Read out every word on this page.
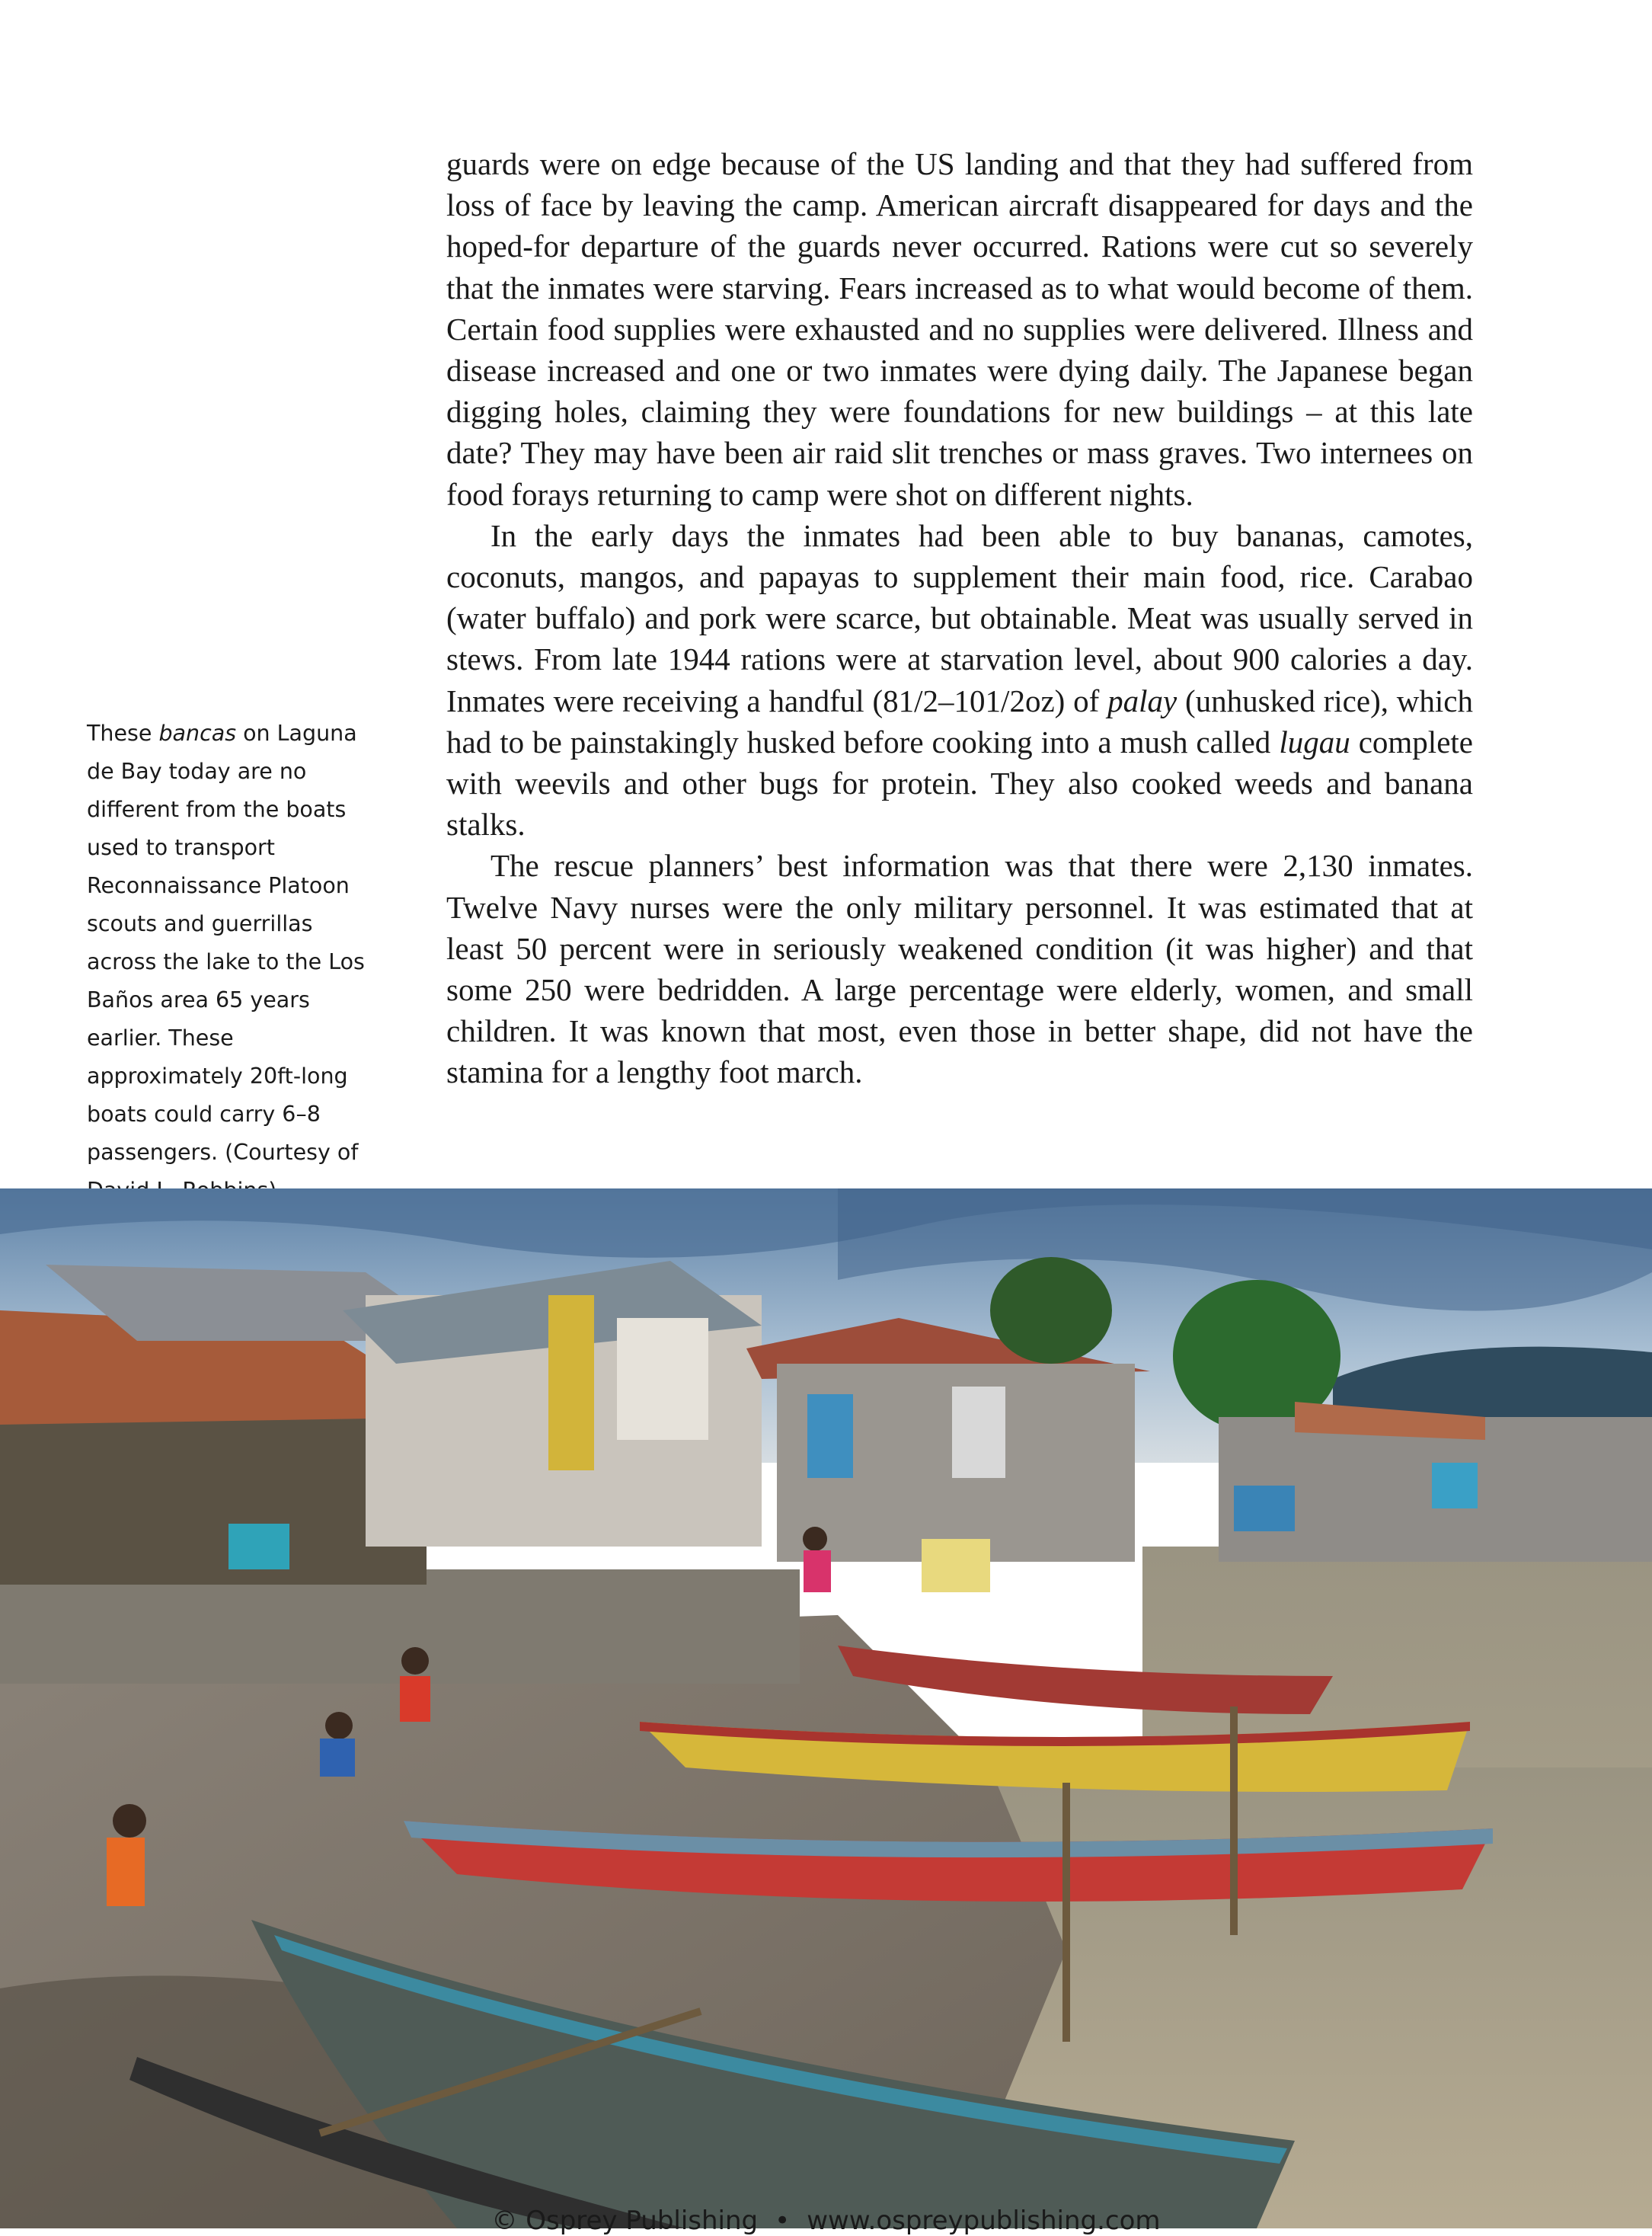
guards were on edge because of the US landing and that they had suffered from loss of face by leaving the camp. American aircraft disappeared for days and the hoped-for departure of the guards never occurred. Rations were cut so severely that the inmates were starving. Fears increased as to what would become of them. Certain food supplies were exhausted and no supplies were delivered. Illness and disease increased and one or two inmates were dying daily. The Japanese began digging holes, claiming they were foundations for new buildings – at this late date? They may have been air raid slit trenches or mass graves. Two internees on food forays returning to camp were shot on different nights.

In the early days the inmates had been able to buy bananas, camotes, coconuts, mangos, and papayas to supplement their main food, rice. Carabao (water buffalo) and pork were scarce, but obtainable. Meat was usually served in stews. From late 1944 rations were at starvation level, about 900 calories a day. Inmates were receiving a handful (81/2–101/2oz) of palay (unhusked rice), which had to be painstakingly husked before cooking into a mush called lugau complete with weevils and other bugs for protein. They also cooked weeds and banana stalks.

The rescue planners’ best information was that there were 2,130 inmates. Twelve Navy nurses were the only military personnel. It was estimated that at least 50 percent were in seriously weakened condition (it was higher) and that some 250 were bedridden. A large percentage were elderly, women, and small children. It was known that most, even those in better shape, did not have the stamina for a lengthy foot march.

These bancas on Laguna de Bay today are no different from the boats used to transport Reconnaissance Platoon scouts and guerrillas across the lake to the Los Baños area 65 years earlier. These approximately 20ft-long boats could carry 6–8 passengers. (Courtesy of
© Osprey Publishing • www.ospreypublishing.com
